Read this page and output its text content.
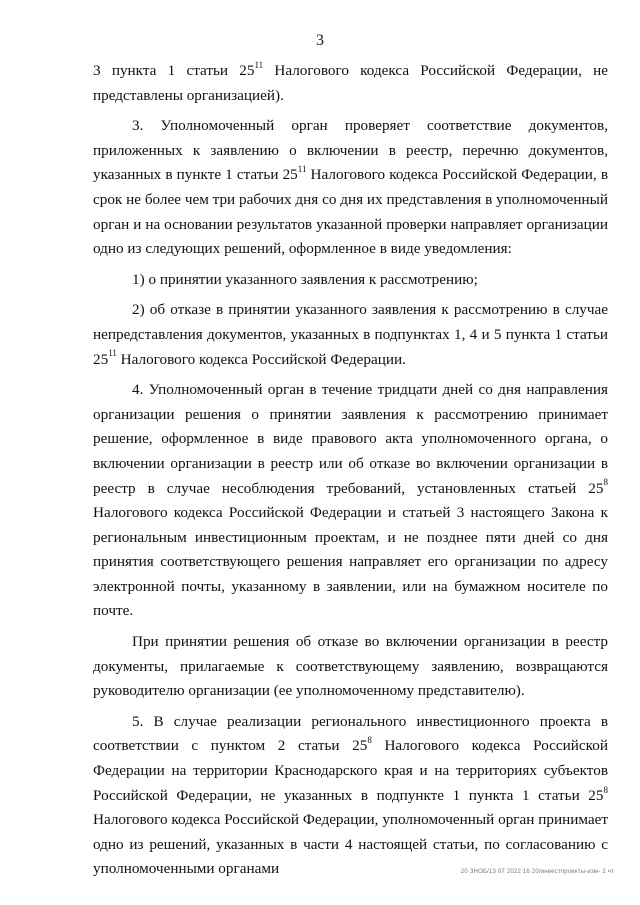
3

3 пункта 1 статьи $25^{11}$ Налогового кодекса Российской Федерации, не представлены организацией).

3. Уполномоченный орган проверяет соответствие документов, приложенных к заявлению о включении в реестр, перечню документов, указанных в пункте 1 статьи $25^{11}$ Налогового кодекса Российской Федерации, в срок не более чем три рабочих дня со дня их представления в уполномоченный орган и на основании результатов указанной проверки направляет организации одно из следующих решений, оформленное в виде уведомления:

1) о принятии указанного заявления к рассмотрению;

2) об отказе в принятии указанного заявления к рассмотрению в случае непредставления документов, указанных в подпунктах 1, 4 и 5 пункта 1 статьи $25^{11}$ Налогового кодекса Российской Федерации.

4. Уполномоченный орган в течение тридцати дней со дня направления организации решения о принятии заявления к рассмотрению принимает решение, оформленное в виде правового акта уполномоченного органа, о включении организации в реестр или об отказе во включении организации в реестр в случае несоблюдения требований, установленных статьей $25^8$ Налогового кодекса Российской Федерации и статьей 3 настоящего Закона к региональным инвестиционным проектам, и не позднее пяти дней со дня принятия соответствующего решения направляет его организации по адресу электронной почты, указанному в заявлении, или на бумажном носителе по почте.

При принятии решения об отказе во включении организации в реестр документы, прилагаемые к соответствующему заявлению, возвращаются руководителю организации (ее уполномоченному представителю).

5. В случае реализации регионального инвестиционного проекта в соответствии с пунктом 2 статьи $25^8$ Налогового кодекса Российской Федерации на территории Краснодарского края и на территориях субъектов Российской Федерации, не указанных в подпункте 1 пункта 1 статьи $25^8$ Налогового кодекса Российской Федерации, уполномоченный орган принимает одно из решений, указанных в части 4 настоящей статьи, по согласованию с уполномоченными органами	20 ЗНОБ/13 07 2022 16 20/инвестпроекты-изм- 2 чт
